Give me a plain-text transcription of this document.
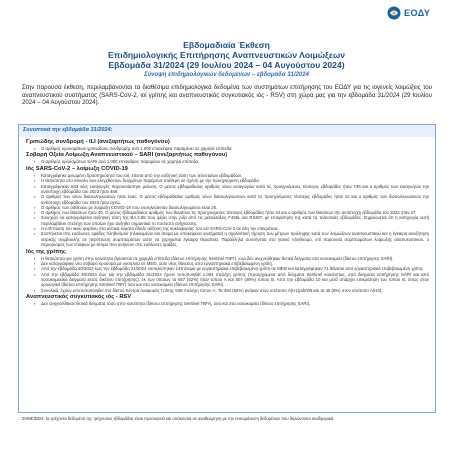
ΕΟΔΥ
Εβδομαδιαία Έκθεση
Επιδημιολογικής Επιτήρησης Αναπνευστικών Λοιμώξεων
Εβδομάδα 31/2024 (29 Ιουλίου 2024 – 04 Αυγούστου 2024)
Σύνοψη επιδημιολογικών δεδομένων – εβδομάδα 31/2024
Στην παρούσα έκθεση, περιλαμβάνονται τα διαθέσιμα επιδημιολογικά δεδομένα των συστημάτων επιτήρησης του ΕΟΔΥ για τις ιογενείς λοιμώξεις του αναπνευστικού συστήματος (SARS-CoV-2, ιοί γρίπης και αναπνευστικός συγκυτιακός ιός - RSV) στη χώρα μας για την εβδομάδα 31/2024 (29 Ιουλίου 2024 – 04 Αυγούστου 2024).
Συνοπτικά την εβδομάδα 31/2024:
Γριπώδης συνδρομή - ILI (ανεξαρτήτως παθογόνου)
▪ Ο αριθμός κρουσμάτων γριπώδους συνδρομής ανά 1.000 επισκέψεις παραμένει σε χαμηλά επίπεδα.
Σοβαρή Οξεία Λοίμωξη Αναπνευστικού – SARI (ανεξαρτήτως παθογόνου)
▪ Ο αριθμός κρουσμάτων SARI ανά 1.000 επισκέψεις παραμένει σε χαμηλά επίπεδα.
Ιός SARS-CoV-2 – λοίμωξη COVID-19
▪ Καταγράφηκε μειωμένη δραστηριότητα του ιού, έπειτα από την αυξητική τάση των τελευταίων εβδομάδων.
▪ Η θετικότητα στο σύνολο των ελεγχθέντων δειγμάτων παρέμεινε σταθερή σε σχέση με την προηγούμενη εβδομάδα.
▪ Καταγράφηκαν 833 νέες εισαγωγές παρουσιάστηκε μείωση. Ο μέσος εβδομαδιαίος αριθμός νέων εισαγωγών κατά τις προηγούμενες τέσσερις εβδομάδες ήταν 739 και ο αριθμός των εισαγωγών την αντίστοιχη εβδομάδα του 2023 ήταν 469.
▪ Ο αριθμός των νέων διασωληνώσεων ήταν ένας. Ο μέσος εβδομαδιαίος αριθμός νέων διασωληνώσεων κατά τις προηγούμενες τέσσερις εβδομάδες ήταν 12 και ο αριθμός των διασωληνώσεων την αντίστοιχη εβδομάδα του 2023 ήταν οχτώ.
▪ Ο αριθμός των ασθενών με λοίμωξη COVID-19 που νοσηλεύονταν διασωληνωμένοι είναι 25.
▪ Ο αριθμός των θανάτων ήταν 40. Ο μέσος εβδομαδιαίος αριθμός των θανάτων τις προηγούμενες τέσσερις εβδομάδες ήταν 34 και ο αριθμός των θανάτων την αντίστοιχη εβδομάδα του 2023 ήταν 27.
▪ Συνεχίζει να καταγράφεται αυξητική τάση της BA.2.86 που φέρει στην ρίζα από τις μεταλλάξεις F456L και R346T, με επικράτηση της κατά τις τελευταίες εβδομάδες. Σημειώνεται ότι η κατηγορία αυτή περιλαμβάνει στελέχη των οποίων έχει αυξηθεί σημαντικά το ποσοστό ανίχνευσης.
▪ Η επίπτωση του ιικού φορτίου στα αστικά λύματα έδειξε αύξηση της κυκλοφορίας του ιού SARS-CoV-2 σε όλη την επικράτεια.
▪ Συστήνεται στις ευάλωτες ομάδες πληθυσμού (ηλικιωμένοι και άτομα με υποκείμενα νοσήματα) η σχολαστική τήρηση των μέτρων πρόληψης κατά των λοιμώξεων αναπνευστικού και η έγκαιρη αναζήτηση ιατρικής συμβουλής σε περίπτωση συμπτωμάτων ώστε να χορηγείται έγκαιρα θεραπεία. Παράλληλα συστήνεται στο γενικό πληθυσμό, επί παρουσία συμπτωμάτων λοίμωξης αναπνευστικού, ο περιορισμός των επαφών με άτομα που ανήκουν στις ευάλωτες ομάδες.
Ιός της γρίπης
▪ Η θετικότητα για γρίπη στην κοινότητα βρίσκεται σε χαμηλά επίπεδα (δίκτυο επιτήρησης Sentinel ΠΦΥ), ενώ δεν ανιχνεύθηκαν θετικά δείγματα στα νοσοκομεία (δίκτυο επιτήρησης SARI).
▪ Δεν καταγράφηκε νέο σοβαρό κρούσμα με νοσηλεία σε ΜΕΘ, ούτε νέος θάνατος από εργαστηριακά επιβεβαιωμένη γρίπη.
▪ Από την εβδομάδα 40/2023 έως την εβδομάδα 31/2024 νοσηλεύτηκαν 149 άτομα με εργαστηριακά επιβεβαιωμένη γρίπη σε ΜΕΘ και καταγράφηκαν 71 θάνατοι από εργαστηριακά επιβεβαιωμένη γρίπη.
▪ Από την εβδομάδα 40/2023 έως και την εβδομάδα 31/2024 έχουν τυποποιηθεί 1.064 στελέχη γρίπης (προερχόμενα από δείγματα Sentinel κοινότητας, από δείγματα επιτήρησης SARI και από νοσοκομειακά δείγματα εκτός δικτύου επιτήρησης), εκ των οποίων τα 557 (52%) ήταν τύπου A και 507 (48%) τύπου B. Από την εβδομάδα 10 και μετά υπάρχει επικράτηση του τύπου Β, όπως στον ορολογικό (δίκτυο επιτήρησης Sentinel ΠΦΥ) όσο και στα νοσοκομεία (δίκτυο επιτήρησης SARI).
▪ Συνολικά, έχουν υποτυποποιηθεί στο δίκτυο Κέντρα Αναφοράς Γρίπης 539 στελέχη τύπου A. Τα 494 (92%) ανήκαν στον υπότυπο A(H1)pdm09 και τα 45 (8%) στον υπότυπο A(H3).
Αναπνευστικός συγκυτιακός ιός - RSV
▪ Δεν ανιχνεύθηκαν θετικά δείγματα τόσο στην κοινότητα (δίκτυο επιτήρησης Sentinel ΠΦΥ), όσο και στα νοσοκομεία (δίκτυο επιτήρησης SARI).
ΣΗΜΕΙΩΣΗ: τα τρέχοντα δεδομένα της τρέχουσας εβδομάδας είναι προσωρινά και υπόκεινται σε αναθεώρηση με την ενσωμάτωση δεδομένων που δηλώνονται αναδρομικά.
